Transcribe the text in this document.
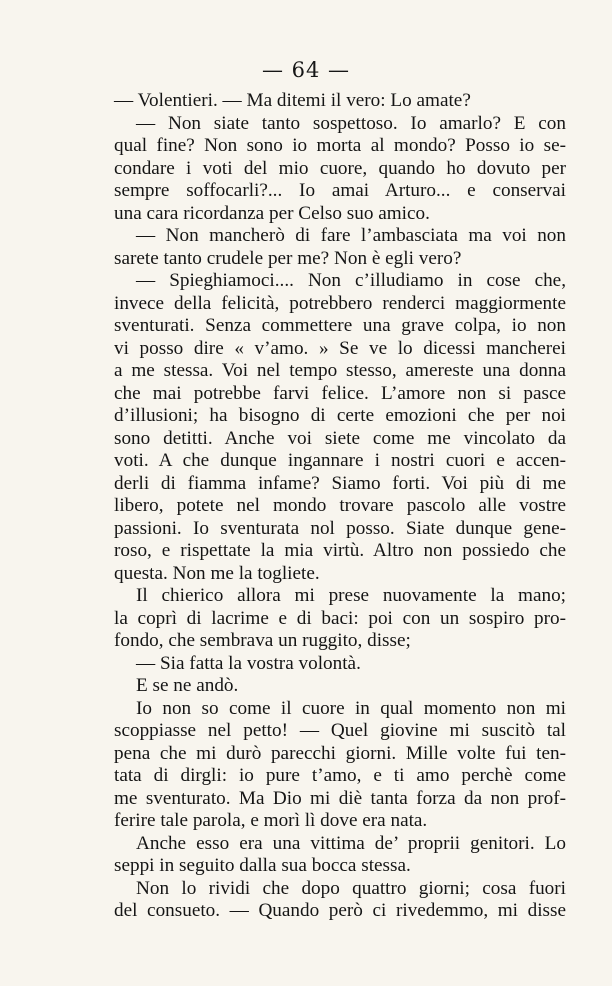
— 64 —
— Volentieri. — Ma ditemi il vero: Lo amate?
— Non siate tanto sospettoso. Io amarlo? E con
qual fine? Non sono io morta al mondo? Posso io se-
condare i voti del mio cuore, quando ho dovuto per
sempre soffocarli?... Io amai Arturo... e conservai
una cara ricordanza per Celso suo amico.
— Non mancherò di fare l’ambasciata ma voi non
sarete tanto crudele per me? Non è egli vero?
— Spieghiamoci.... Non c’illudiamo in cose che,
invece della felicità, potrebbero renderci maggiormente
sventurati. Senza commettere una grave colpa, io non
vi posso dire « v’amo. » Se ve lo dicessi mancherei
a me stessa. Voi nel tempo stesso, amereste una donna
che mai potrebbe farvi felice. L’amore non si pasce
d’illusioni; ha bisogno di certe emozioni che per noi
sono detitti. Anche voi siete come me vincolato da
voti. A che dunque ingannare i nostri cuori e accen-
derli di fiamma infame? Siamo forti. Voi più di me
libero, potete nel mondo trovare pascolo alle vostre
passioni. Io sventurata nol posso. Siate dunque gene-
roso, e rispettate la mia virtù. Altro non possiedo che
questa. Non me la togliete.
Il chierico allora mi prese nuovamente la mano;
la coprì di lacrime e di baci: poi con un sospiro pro-
fondo, che sembrava un ruggito, disse;
— Sia fatta la vostra volontà.
E se ne andò.
Io non so come il cuore in qual momento non mi
scoppiasse nel petto! — Quel giovine mi suscitò tal
pena che mi durò parecchi giorni. Mille volte fui ten-
tata di dirgli: io pure t’amo, e ti amo perchè come
me sventurato. Ma Dio mi diè tanta forza da non prof-
ferire tale parola, e morì lì dove era nata.
Anche esso era una vittima de’ proprii genitori. Lo
seppi in seguito dalla sua bocca stessa.
Non lo rividi che dopo quattro giorni; cosa fuori
del consueto. — Quando però ci rivedemmo, mi disse
